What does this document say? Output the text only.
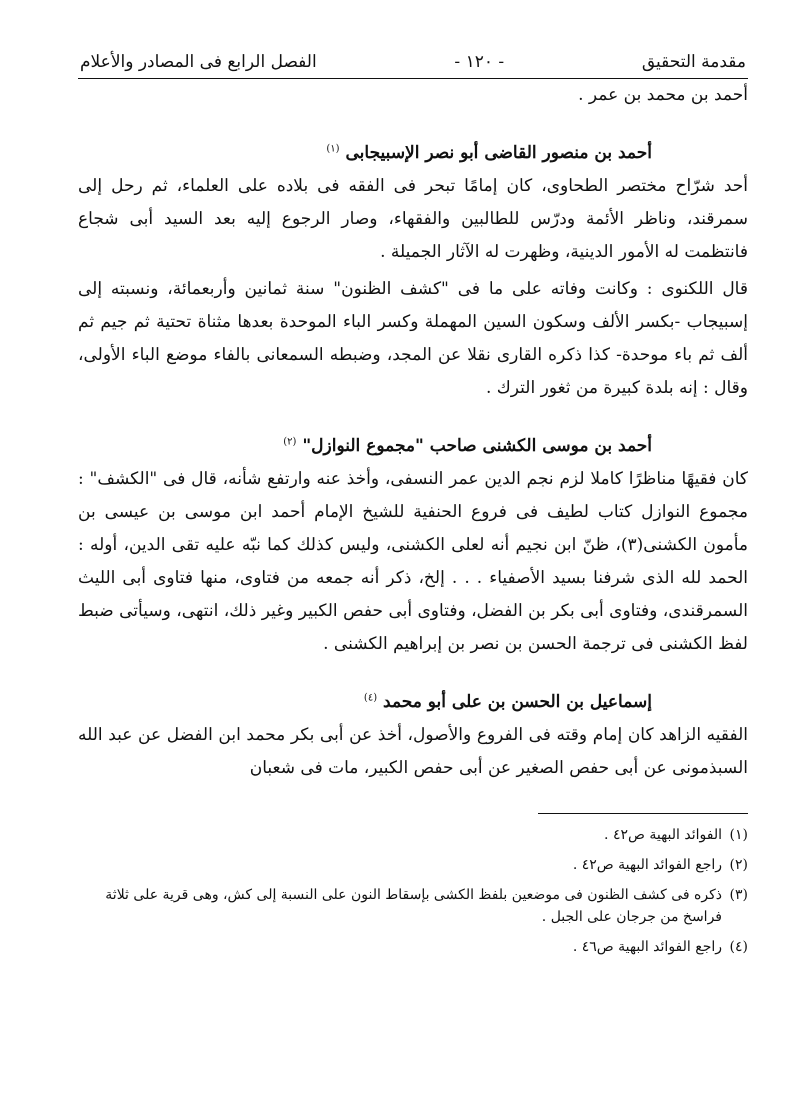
مقدمة التحقيق
- ١٢٠ -
الفصل الرابع فى المصادر والأعلام

أحمد بن محمد بن عمر .

أحمد بن منصور القاضى أبو نصر الإسبيجابى $^{(١)}$

أحد شرّاح مختصر الطحاوى، كان إمامًا تبحر فى الفقه فى بلاده على العلماء، ثم رحل إلى سمرقند، وناظر الأئمة ودرّس للطالبين والفقهاء، وصار الرجوع إليه بعد السيد أبى شجاع فانتظمت له الأمور الدينية، وظهرت له الآثار الجميلة .

قال اللكنوى : وكانت وفاته على ما فى "كشف الظنون" سنة ثمانين وأربعمائة، ونسبته إلى إسبيجاب -بكسر الألف وسكون السين المهملة وكسر الباء الموحدة بعدها مثناة تحتية ثم جيم ثم ألف ثم باء موحدة- كذا ذكره القارى نقلا عن المجد، وضبطه السمعانى بالفاء موضع الباء الأولى، وقال : إنه بلدة كبيرة من ثغور الترك .

أحمد بن موسى الكشنى صاحب "مجموع النوازل" $^{(٢)}$

كان فقيهًا مناظرًا كاملا لزم نجم الدين عمر النسفى، وأخذ عنه وارتفع شأنه، قال فى "الكشف" : مجموع النوازل كتاب لطيف فى فروع الحنفية للشيخ الإمام أحمد ابن موسى بن عيسى بن مأمون الكشنى(٣)، ظنّ ابن نجيم أنه لعلى الكشنى، وليس كذلك كما نبّه عليه تقى الدين، أوله : الحمد لله الذى شرفنا بسيد الأصفياء . . . إلخ، ذكر أنه جمعه من فتاوى، منها فتاوى أبى الليث السمرقندى، وفتاوى أبى بكر بن الفضل، وفتاوى أبى حفص الكبير وغير ذلك، انتهى، وسيأتى ضبط لفظ الكشنى فى ترجمة الحسن بن نصر بن إبراهيم الكشنى .

إسماعيل بن الحسن بن على أبو محمد $^{(٤)}$

الفقيه الزاهد كان إمام وقته فى الفروع والأصول، أخذ عن أبى بكر محمد ابن الفضل عن عبد الله السبذمونى عن أبى حفص الصغير عن أبى حفص الكبير، مات فى شعبان

(١)
الفوائد البهية ص٤٢ .

(٢)
راجع الفوائد البهية ص٤٢ .

(٣)
ذكره فى كشف الظنون فى موضعين بلفظ الكشى بإسقاط النون على النسبة إلى كش، وهى قرية على ثلاثة فراسخ من جرجان على الجبل .

(٤)
راجع الفوائد البهية ص٤٦ .
